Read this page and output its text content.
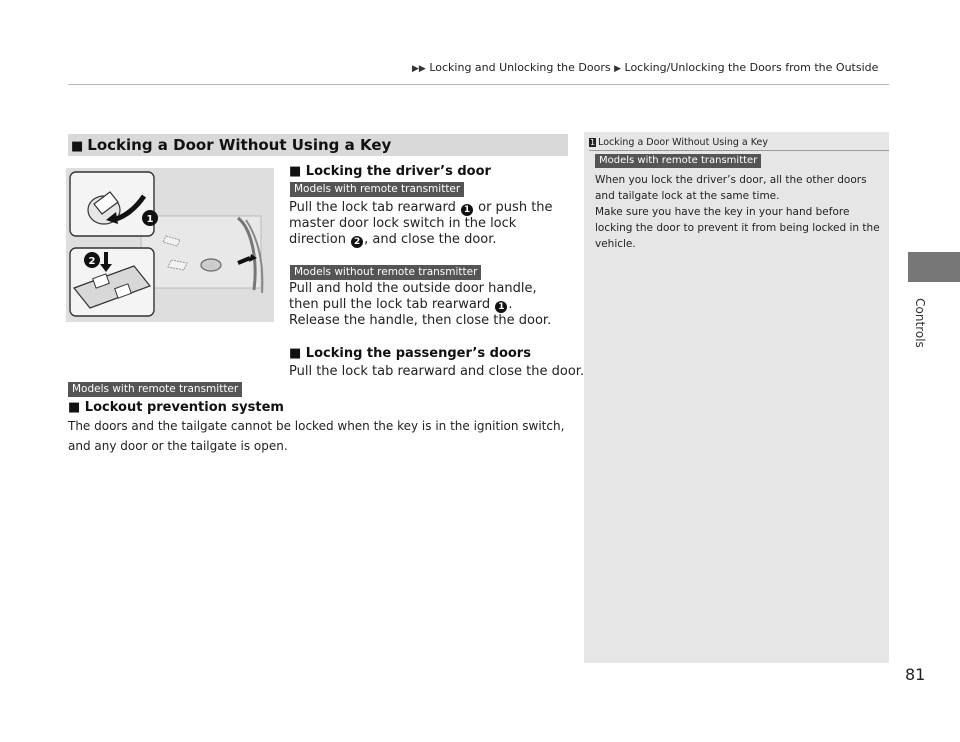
▶▶ Locking and Unlocking the Doors ▶ Locking/Unlocking the Doors from the Outside
Controls
■ Locking a Door Without Using a Key
1
2
■ Locking the driver’s door
Models with remote transmitter
Pull the lock tab rearward 1 or push the master door lock switch in the lock direction 2 , and close the door.
Models without remote transmitter
Pull and hold the outside door handle, then pull the lock tab rearward 1 .
Release the handle, then close the door.
■ Locking the passenger’s doors
Pull the lock tab rearward and close the door.
Models with remote transmitter
■ Lockout prevention system
The doors and the tailgate cannot be locked when the key is in the ignition switch, and any door or the tailgate is open.
1 Locking a Door Without Using a Key
Models with remote transmitter
When you lock the driver’s door, all the other doors and tailgate lock at the same time.
Make sure you have the key in your hand before locking the door to prevent it from being locked in the vehicle.
81
